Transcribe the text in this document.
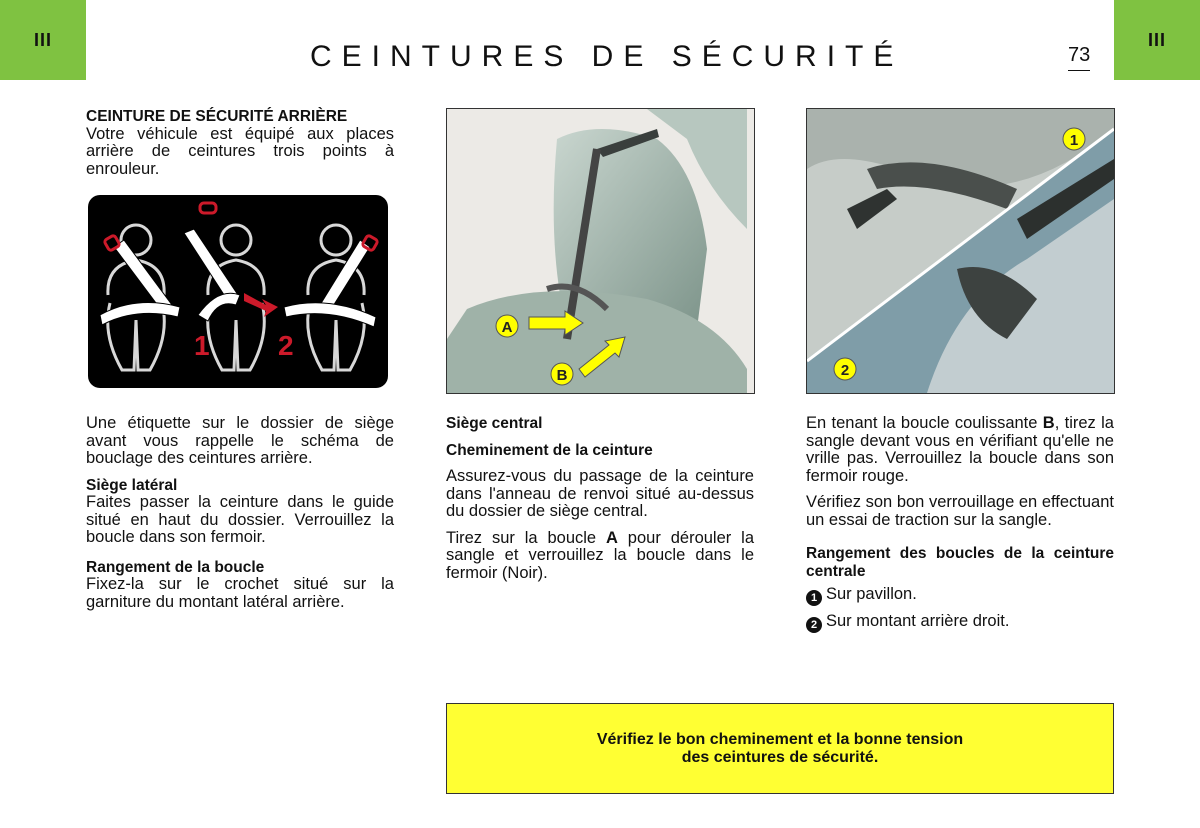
III	III
CEINTURES DE SÉCURITÉ	73
CEINTURE DE SÉCURITÉ ARRIÈRE

Votre véhicule est équipé aux places arrière de ceintures trois points à enrouleur.

1 2

Une étiquette sur le dossier de siège avant vous rappelle le schéma de bouclage des ceintures arrière.

Siège latéral

Faites passer la ceinture dans le guide situé en haut du dossier. Verrouillez la boucle dans son fermoir.

Rangement de la boucle

Fixez-la sur le crochet situé sur la garniture du montant latéral arrière.

A
B
Siège central
Cheminement de la ceinture

Assurez-vous du passage de la ceinture dans l'anneau de renvoi situé au-dessus du dossier de siège central.

Tirez sur la boucle A pour dérouler la sangle et verrouillez la boucle dans le fermoir (Noir).

1
2

En tenant la boucle coulissante B, tirez la sangle devant vous en vérifiant qu'elle ne vrille pas. Verrouillez la boucle dans son fermoir rouge.

Vérifiez son bon verrouillage en effectuant un essai de traction sur la sangle.

Rangement des boucles de la ceinture centrale

1 Sur pavillon.

2 Sur montant arrière droit.

Vérifiez le bon cheminement et la bonne tension
des ceintures de sécurité.
